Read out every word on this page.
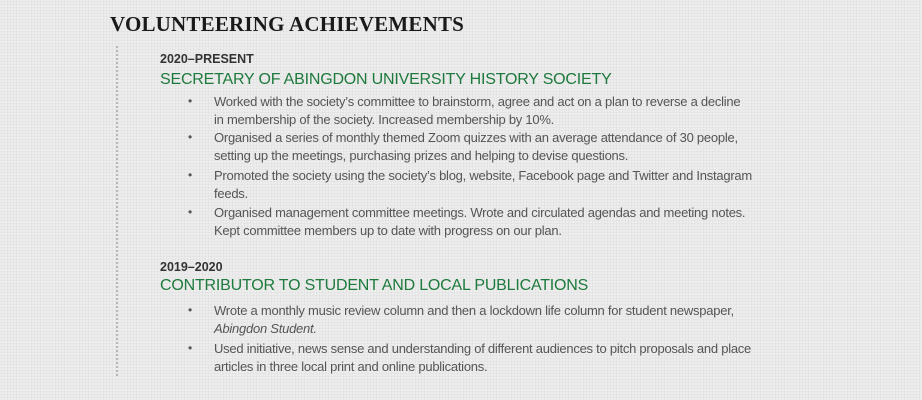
VOLUNTEERING ACHIEVEMENTS
2020–PRESENT
SECRETARY OF ABINGDON UNIVERSITY HISTORY SOCIETY
• Worked with the society’s committee to brainstorm, agree and act on a plan to reverse a decline
in membership of the society. Increased membership by 10%.
• Organised a series of monthly themed Zoom quizzes with an average attendance of 30 people,
setting up the meetings, purchasing prizes and helping to devise questions.
• Promoted the society using the society’s blog, website, Facebook page and Twitter and Instagram
feeds.
• Organised management committee meetings. Wrote and circulated agendas and meeting notes.
Kept committee members up to date with progress on our plan.
2019–2020
CONTRIBUTOR TO STUDENT AND LOCAL PUBLICATIONS
• Wrote a monthly music review column and then a lockdown life column for student newspaper,
Abingdon Student.
• Used initiative, news sense and understanding of different audiences to pitch proposals and place
articles in three local print and online publications.
